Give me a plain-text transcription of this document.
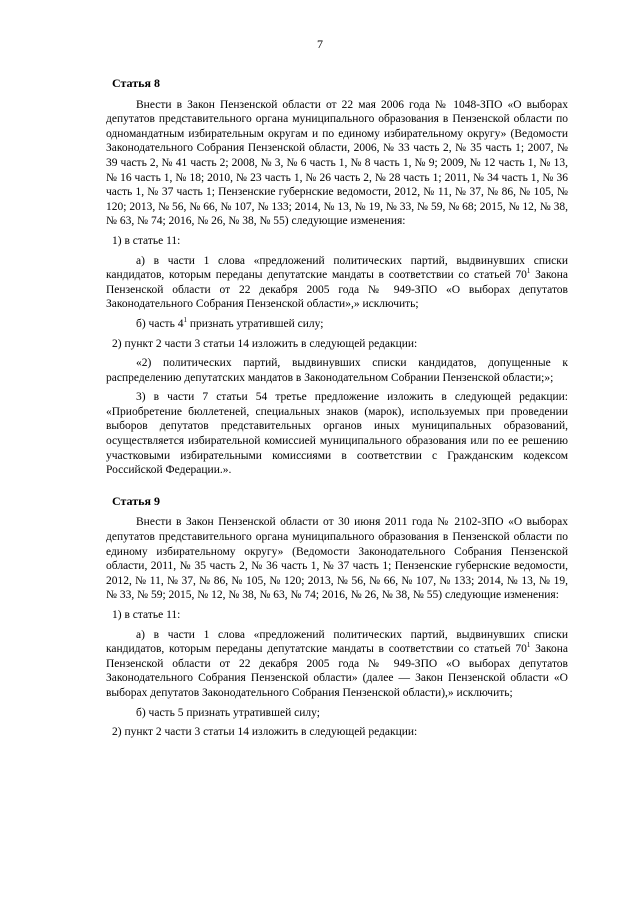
7
Статья 8

Внести в Закон Пензенской области от 22 мая 2006 года № 1048-ЗПО «О выборах депутатов представительного органа муниципального образования в Пензенской области по одномандатным избирательным округам и по единому избирательному округу» (Ведомости Законодательного Собрания Пензенской области, 2006, № 33 часть 2, № 35 часть 1; 2007, № 39 часть 2, № 41 часть 2; 2008, № 3, № 6 часть 1, № 8 часть 1, № 9; 2009, № 12 часть 1, № 13, № 16 часть 1, № 18; 2010, № 23 часть 1, № 26 часть 2, № 28 часть 1; 2011, № 34 часть 1, № 36 часть 1, № 37 часть 1; Пензенские губернские ведомости, 2012, № 11, № 37, № 86, № 105, № 120; 2013, № 56, № 66, № 107, № 133; 2014, № 13, № 19, № 33, № 59, № 68; 2015, № 12, № 38, № 63, № 74; 2016, № 26, № 38, № 55) следующие изменения:

1) в статье 11:

а) в части 1 слова «предложений политических партий, выдвинувших списки кандидатов, которым переданы депутатские мандаты в соответствии со статьей $70^1$ Закона Пензенской области от 22 декабря 2005 года № 949-ЗПО «О выборах депутатов Законодательного Собрания Пензенской области»,» исключить;

б) часть $4^1$ признать утратившей силу;

2) пункт 2 части 3 статьи 14 изложить в следующей редакции:

«2) политических партий, выдвинувших списки кандидатов, допущенные к распределению депутатских мандатов в Законодательном Собрании Пензенской области;»;

3) в части 7 статьи 54 третье предложение изложить в следующей редакции: «Приобретение бюллетеней, специальных знаков (марок), используемых при проведении выборов депутатов представительных органов иных муниципальных образований, осуществляется избирательной комиссией муниципального образования или по ее решению участковыми избирательными комиссиями в соответствии с Гражданским кодексом Российской Федерации.».

Статья 9

Внести в Закон Пензенской области от 30 июня 2011 года № 2102-ЗПО «О выборах депутатов представительного органа муниципального образования в Пензенской области по единому избирательному округу» (Ведомости Законодательного Собрания Пензенской области, 2011, № 35 часть 2, № 36 часть 1, № 37 часть 1; Пензенские губернские ведомости, 2012, № 11, № 37, № 86, № 105, № 120; 2013, № 56, № 66, № 107, № 133; 2014, № 13, № 19, № 33, № 59; 2015, № 12, № 38, № 63, № 74; 2016, № 26, № 38, № 55) следующие изменения:

1) в статье 11:

а) в части 1 слова «предложений политических партий, выдвинувших списки кандидатов, которым переданы депутатские мандаты в соответствии со статьей $70^1$ Закона Пензенской области от 22 декабря 2005 года № 949-ЗПО «О выборах депутатов Законодательного Собрания Пензенской области» (далее — Закон Пензенской области «О выборах депутатов Законодательного Собрания Пензенской области),» исключить;

б) часть 5 признать утратившей силу;

2) пункт 2 части 3 статьи 14 изложить в следующей редакции:
